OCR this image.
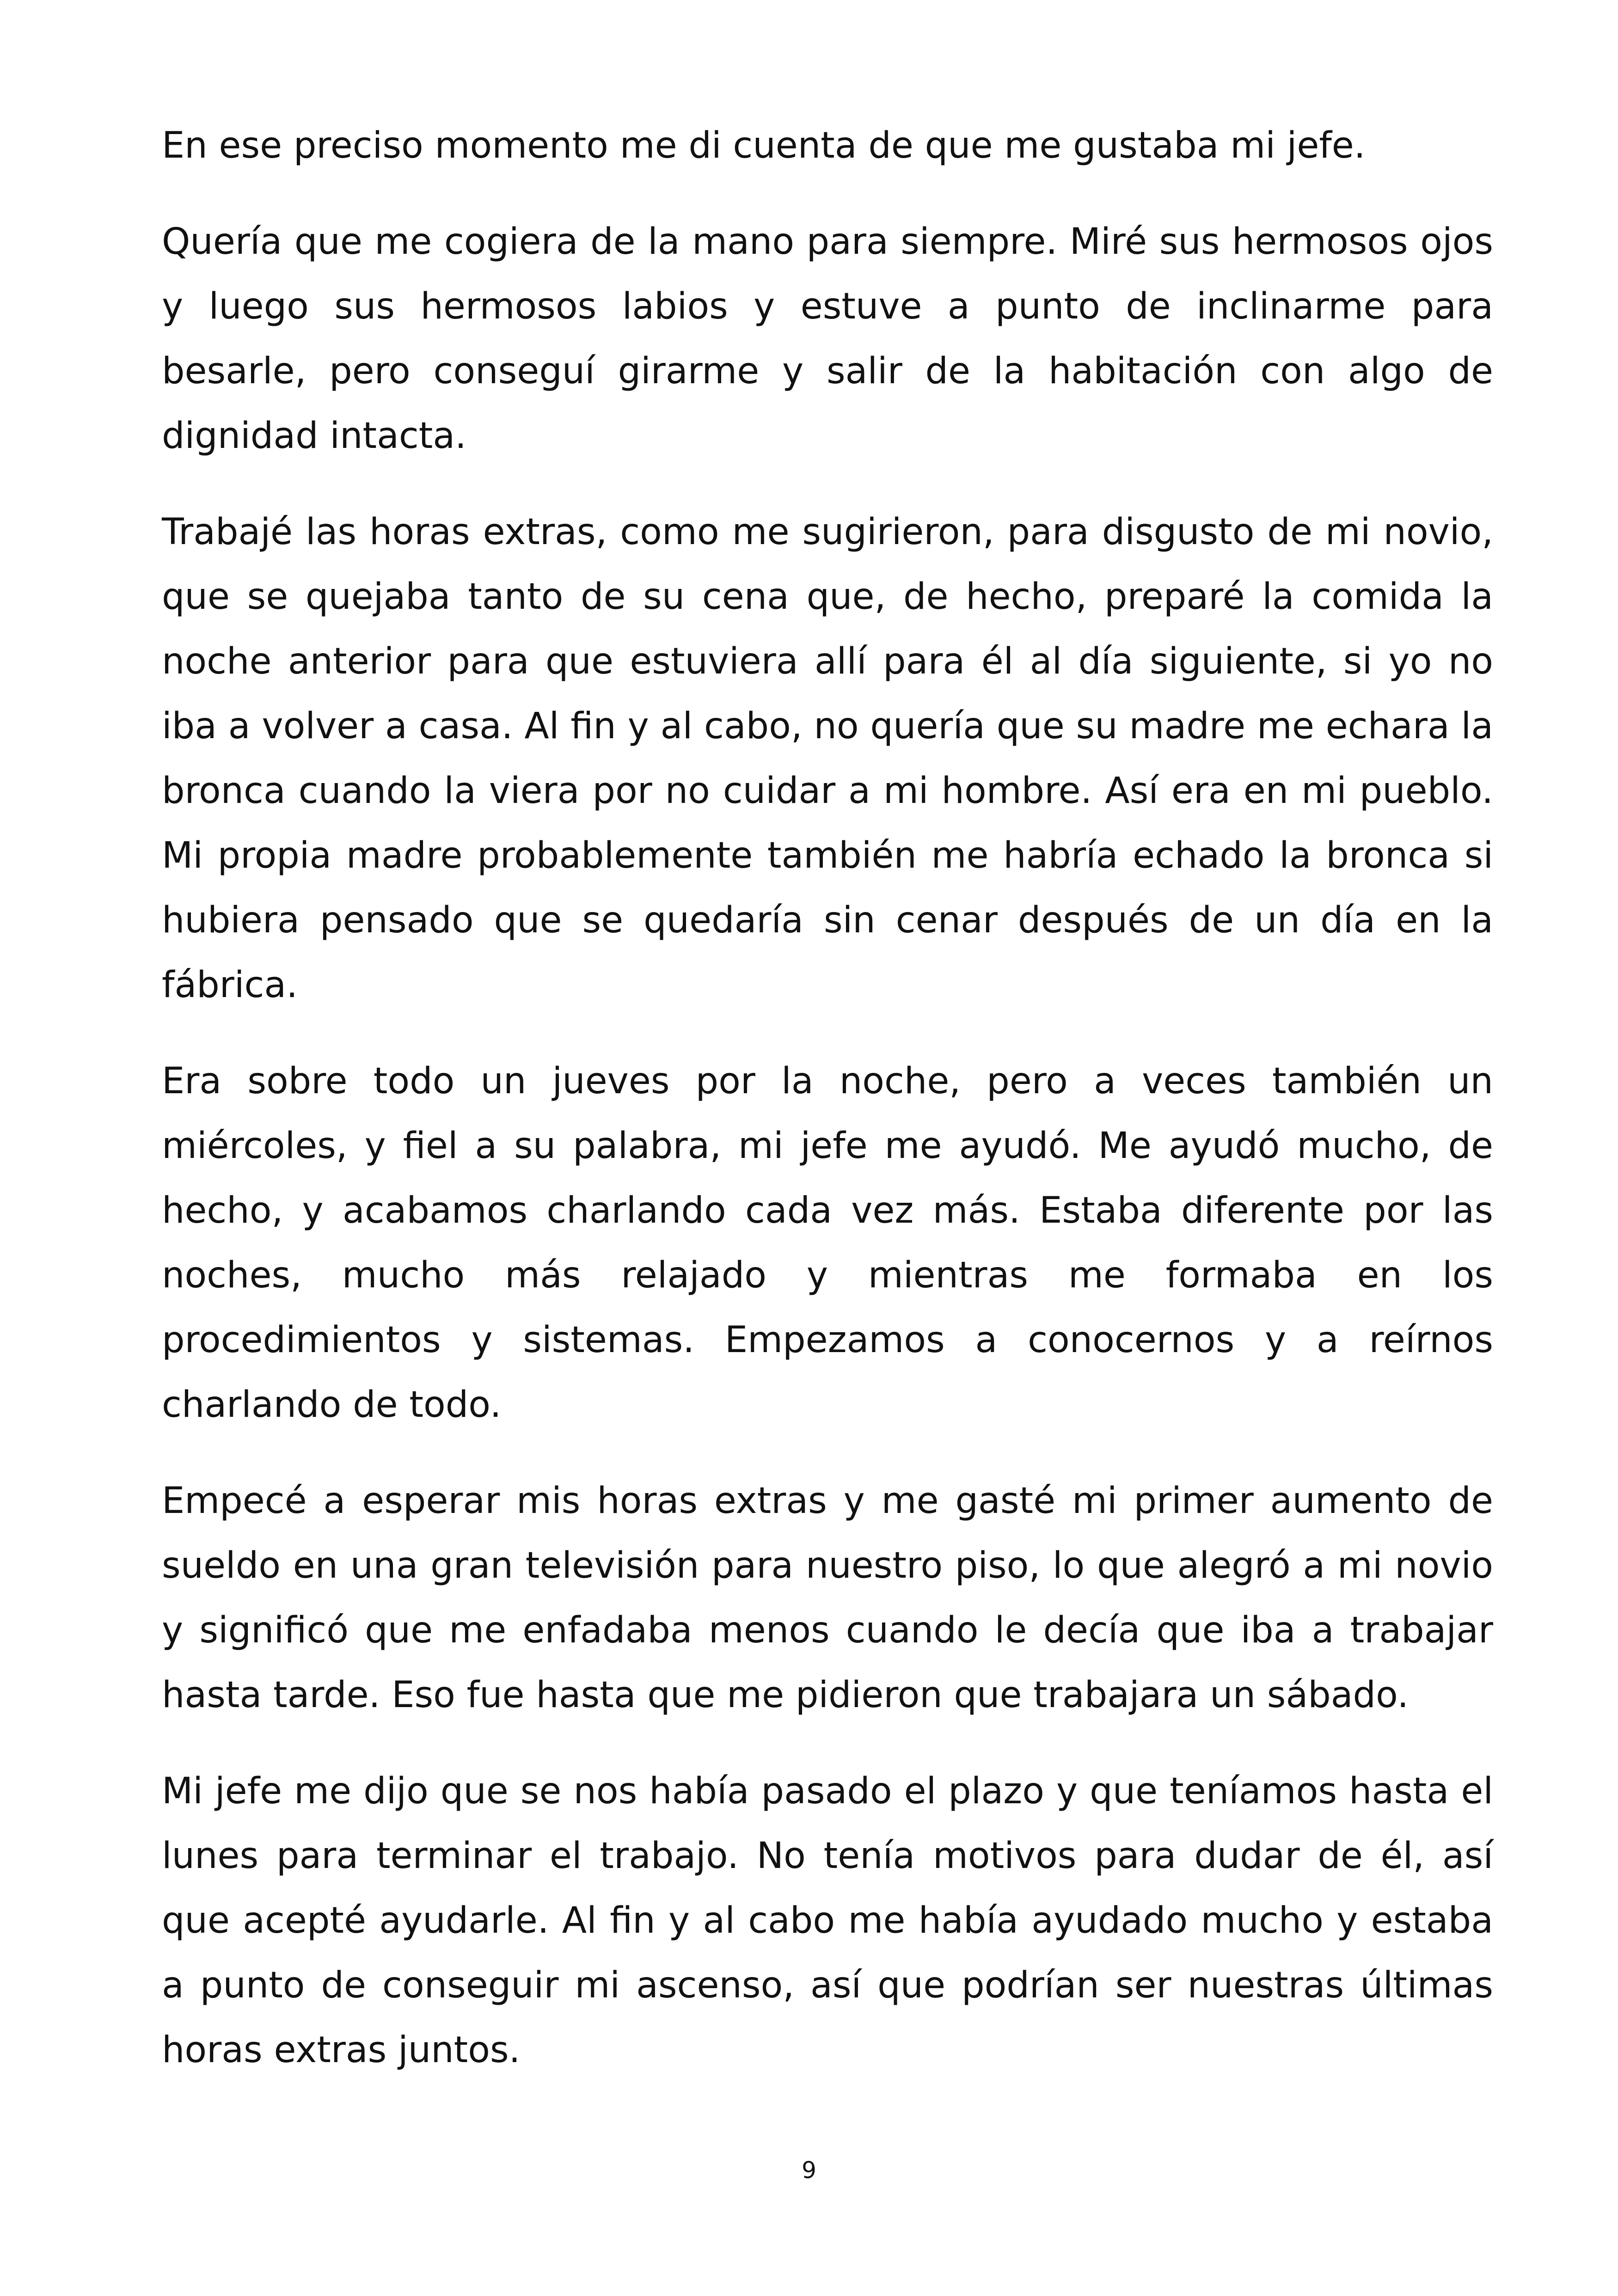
En ese preciso momento me di cuenta de que me gustaba mi jefe.

Quería que me cogiera de la mano para siempre. Miré sus hermosos ojos y luego sus hermosos labios y estuve a punto de inclinarme para besarle, pero conseguí girarme y salir de la habitación con algo de dignidad intacta.

Trabajé las horas extras, como me sugirieron, para disgusto de mi novio, que se quejaba tanto de su cena que, de hecho, preparé la comida la noche anterior para que estuviera allí para él al día siguiente, si yo no iba a volver a casa. Al fin y al cabo, no quería que su madre me echara la bronca cuando la viera por no cuidar a mi hombre. Así era en mi pueblo. Mi propia madre probablemente también me habría echado la bronca si hubiera pensado que se quedaría sin cenar después de un día en la fábrica.

Era sobre todo un jueves por la noche, pero a veces también un miércoles, y fiel a su palabra, mi jefe me ayudó. Me ayudó mucho, de hecho, y acabamos charlando cada vez más. Estaba diferente por las noches, mucho más relajado y mientras me formaba en los procedimientos y sistemas. Empezamos a conocernos y a reírnos charlando de todo.

Empecé a esperar mis horas extras y me gasté mi primer aumento de sueldo en una gran televisión para nuestro piso, lo que alegró a mi novio y significó que me enfadaba menos cuando le decía que iba a trabajar hasta tarde. Eso fue hasta que me pidieron que trabajara un sábado.

Mi jefe me dijo que se nos había pasado el plazo y que teníamos hasta el lunes para terminar el trabajo. No tenía motivos para dudar de él, así que acepté ayudarle. Al fin y al cabo me había ayudado mucho y estaba a punto de conseguir mi ascenso, así que podrían ser nuestras últimas horas extras juntos.

9
